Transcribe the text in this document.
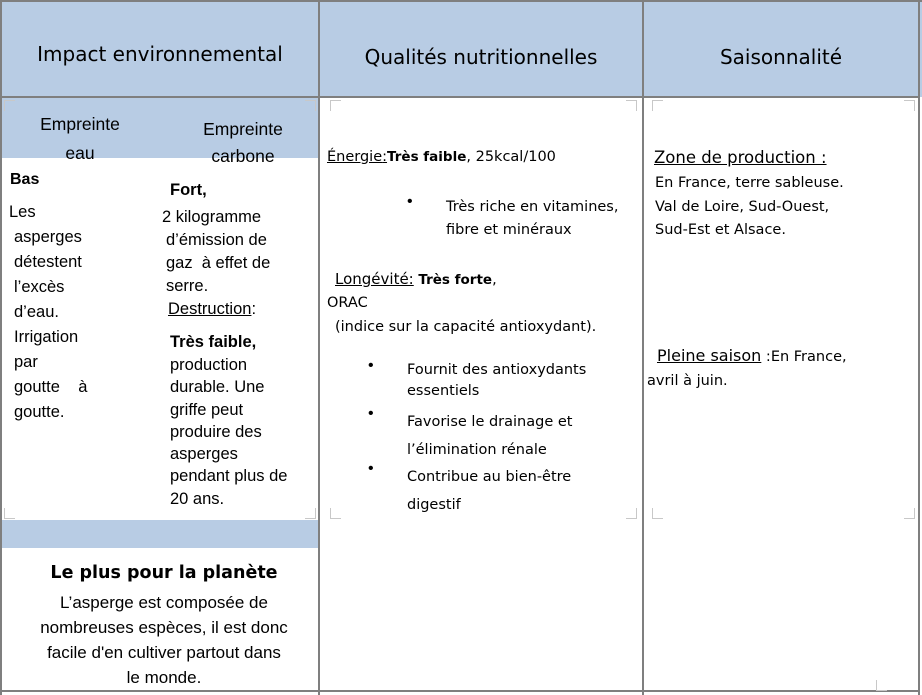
Impact environnemental	Qualités nutritionnelles	Saisonnalité
Empreinte
eau
Empreinte
carbone
Bas
Les
asperges
détestent
l’excès
d’eau.
Irrigation
par
goutte    à
goutte.
Fort,
2 kilogramme
d’émission de
gaz  à effet de
serre.
Destruction:
Très faible,
production
durable. Une
griffe peut
produire des
asperges
pendant plus de
20 ans.
Le plus pour la planète
L’asperge est composée de
nombreuses espèces, il est donc
facile d'en cultiver partout dans
le monde.
Énergie:Très faible, 25kcal/100
• Très riche en vitamines,
fibre et minéraux
Longévité: Très forte,
ORAC
(indice sur la capacité antioxydant).
• Fournit des antioxydants
essentiels
• Favorise le drainage et
l’élimination rénale
• Contribue au bien-être
digestif
Zone de production :
En France, terre sableuse.
Val de Loire, Sud-Ouest,
Sud-Est et Alsace.
Pleine saison :En France,
avril à juin.
